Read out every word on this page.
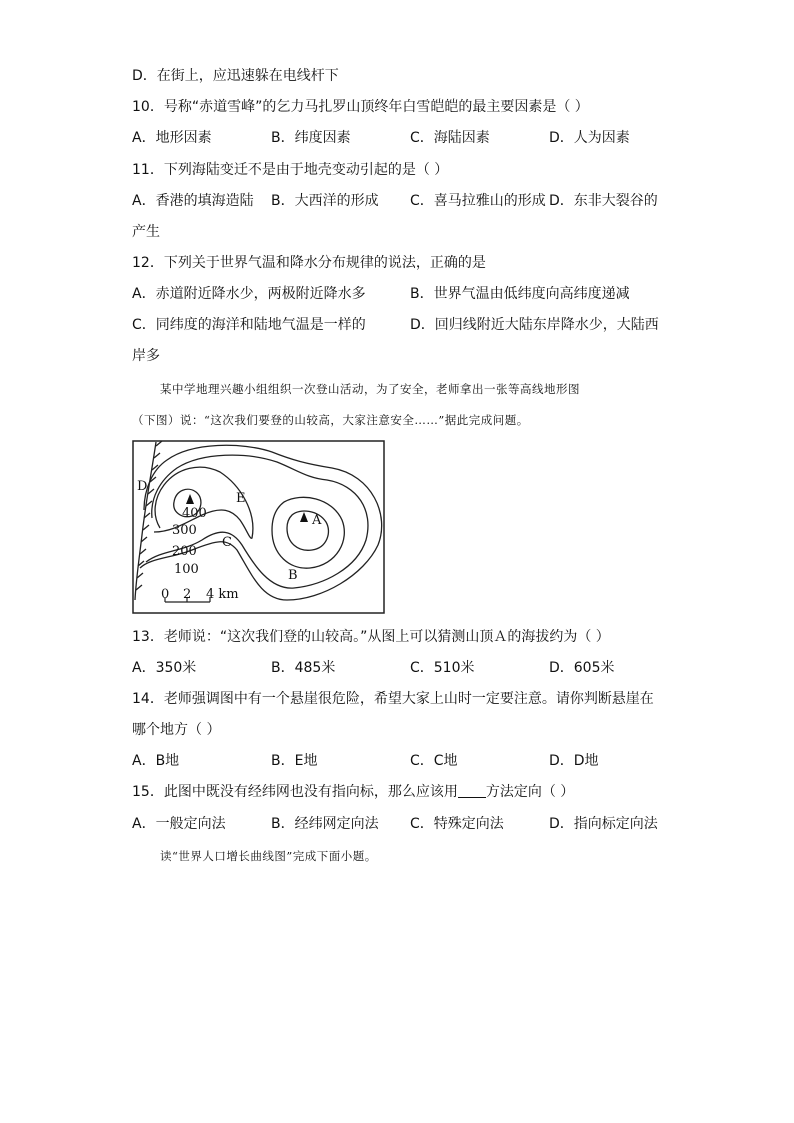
D．在街上，应迅速躲在电线杆下
10．号称“赤道雪峰”的乞力马扎罗山顶终年白雪皑皑的最主要因素是（ ）
A．地形因素	B．纬度因素	C．海陆因素	D．人为因素
11．下列海陆变迁不是由于地壳变动引起的是（ ）
A．香港的填海造陆 B．大西洋的形成 C．喜马拉雅山的形成 D．东非大裂谷的
产生
12．下列关于世界气温和降水分布规律的说法，正确的是
A．赤道附近降水少，两极附近降水多	B．世界气温由低纬度向高纬度递减
C．同纬度的海洋和陆地气温是一样的	D．回归线附近大陆东岸降水少，大陆西
岸多
某中学地理兴趣小组组织一次登山活动，为了安全，老师拿出一张等高线地形图
（下图）说：“这次我们要登的山较高，大家注意安全……”据此完成问题。
D
E
A
C
B
400
300
200
100
0 2 4 km
13．老师说：“这次我们登的山较高。”从图上可以猜测山顶Ａ的海拔约为（ ）
A．350米	B．485米	C．510米	D．605米
14．老师强调图中有一个悬崖很危险，希望大家上山时一定要注意。请你判断悬崖在
哪个地方（ ）
A．B地	B．E地	C．C地	D．D地
15．此图中既没有经纬网也没有指向标，那么应该用 方法定向（ ）
A．一般定向法	B．经纬网定向法 C．特殊定向法	D．指向标定向法
读“世界人口增长曲线图”完成下面小题。
